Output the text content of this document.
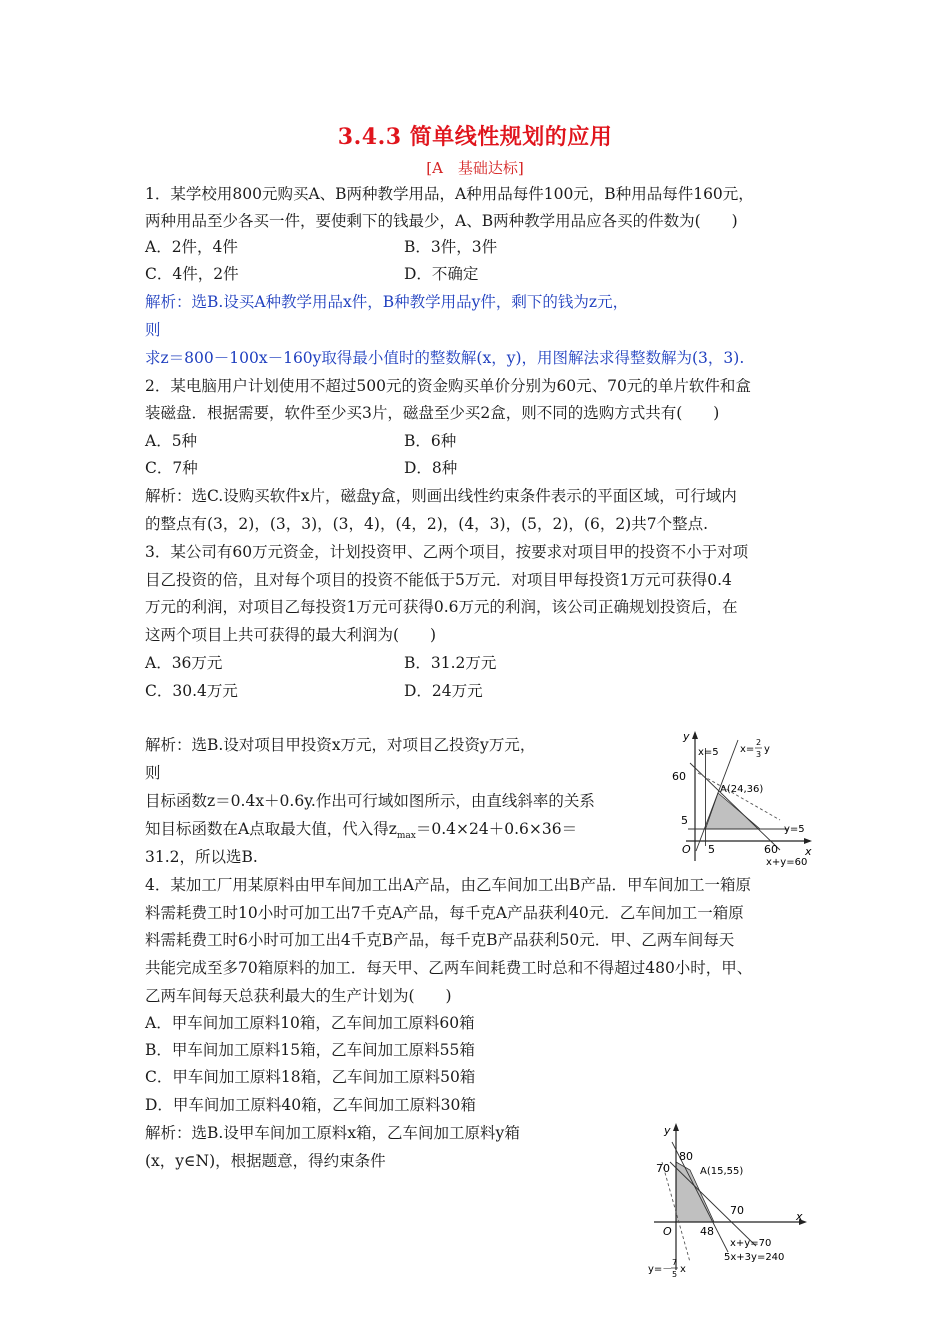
3.4.3 简单线性规划的应用
[A　基础达标]
1．某学校用800元购买A、B两种教学用品，A种用品每件100元，B种用品每件160元，
两种用品至少各买一件，要使剩下的钱最少，A、B两种教学用品应各买的件数为(　　)
A．2件，4件	B．3件，3件
C．4件，2件	D．不确定
解析：选B.设买A种教学用品x件，B种教学用品y件，剩下的钱为z元，
则
求z＝800－100x－160y取得最小值时的整数解(x，y)，用图解法求得整数解为(3，3).
2．某电脑用户计划使用不超过500元的资金购买单价分别为60元、70元的单片软件和盒
装磁盘．根据需要，软件至少买3片，磁盘至少买2盒，则不同的选购方式共有(　　)
A．5种	B．6种
C．7种	D．8种
解析：选C.设购买软件x片，磁盘y盒，则画出线性约束条件表示的平面区域，可行域内
的整点有(3，2)，(3，3)，(3，4)，(4，2)，(4，3)，(5，2)，(6，2)共7个整点.
3．某公司有60万元资金，计划投资甲、乙两个项目，按要求对项目甲的投资不小于对项
目乙投资的倍，且对每个项目的投资不能低于5万元．对项目甲每投资1万元可获得0.4
万元的利润，对项目乙每投资1万元可获得0.6万元的利润，该公司正确规划投资后，在
这两个项目上共可获得的最大利润为(　　)
A．36万元	B．31.2万元
C．30.4万元	D．24万元
解析：选B.设对项目甲投资x万元，对项目乙投资y万元，
则
目标函数z＝0.4x＋0.6y.作出可行域如图所示，由直线斜率的关系
知目标函数在A点取最大值，代入得$z_{max}=0.4\times 24+0.6\times 36=$
31.2，所以选B.
y
x
O
60
5
5	60
x=5
A(24,36)
y=5
x+y=60
x=
2
3 y
4．某加工厂用某原料由甲车间加工出A产品，由乙车间加工出B产品．甲车间加工一箱原
料需耗费工时10小时可加工出7千克A产品，每千克A产品获利40元．乙车间加工一箱原
料需耗费工时6小时可加工出4千克B产品，每千克B产品获利50元．甲、乙两车间每天
共能完成至多70箱原料的加工．每天甲、乙两车间耗费工时总和不得超过480小时，甲、
乙两车间每天总获利最大的生产计划为(　　)
A．甲车间加工原料10箱，乙车间加工原料60箱
B．甲车间加工原料15箱，乙车间加工原料55箱
C．甲车间加工原料18箱，乙车间加工原料50箱
D．甲车间加工原料40箱，乙车间加工原料30箱
解析：选B.设甲车间加工原料x箱，乙车间加工原料y箱
(x，y∈N)，根据题意，得约束条件
y
x
O
80
70	A(15,55)
70
48
x+y=70
5x+3y=240
y=－
7
5 x
